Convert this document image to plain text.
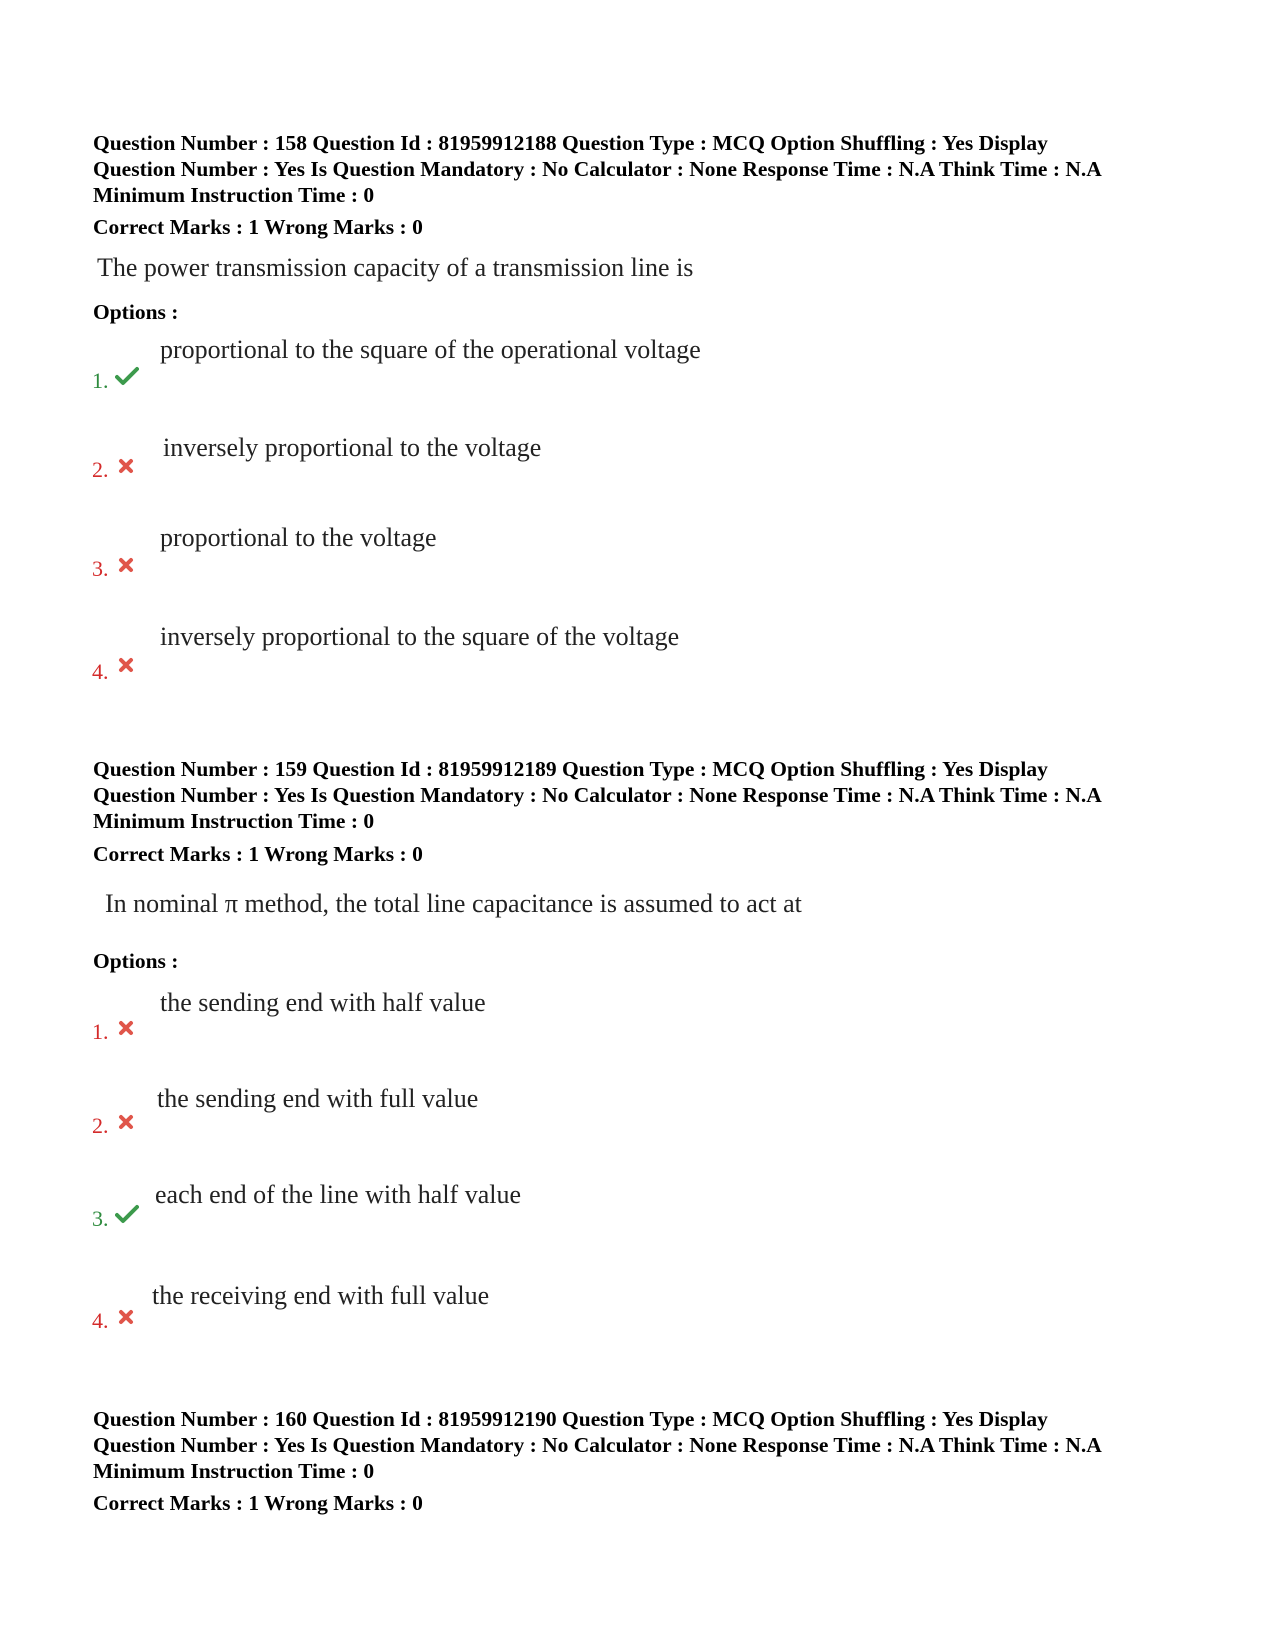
Question Number : 158 Question Id : 81959912188 Question Type : MCQ Option Shuffling : Yes Display

Question Number : Yes Is Question Mandatory : No Calculator : None Response Time : N.A Think Time : N.A

Minimum Instruction Time : 0

Correct Marks : 1 Wrong Marks : 0
The power transmission capacity of a transmission line is
Options :
proportional to the square of the operational voltage
1.
inversely proportional to the voltage
2.
proportional to the voltage
3.
inversely proportional to the square of the voltage
4.

Question Number : 159 Question Id : 81959912189 Question Type : MCQ Option Shuffling : Yes Display

Question Number : Yes Is Question Mandatory : No Calculator : None Response Time : N.A Think Time : N.A

Minimum Instruction Time : 0

Correct Marks : 1 Wrong Marks : 0
In nominal π method, the total line capacitance is assumed to act at
Options :
the sending end with half value
1.
the sending end with full value
2.
each end of the line with half value
3.
the receiving end with full value
4.

Question Number : 160 Question Id : 81959912190 Question Type : MCQ Option Shuffling : Yes Display

Question Number : Yes Is Question Mandatory : No Calculator : None Response Time : N.A Think Time : N.A

Minimum Instruction Time : 0

Correct Marks : 1 Wrong Marks : 0
